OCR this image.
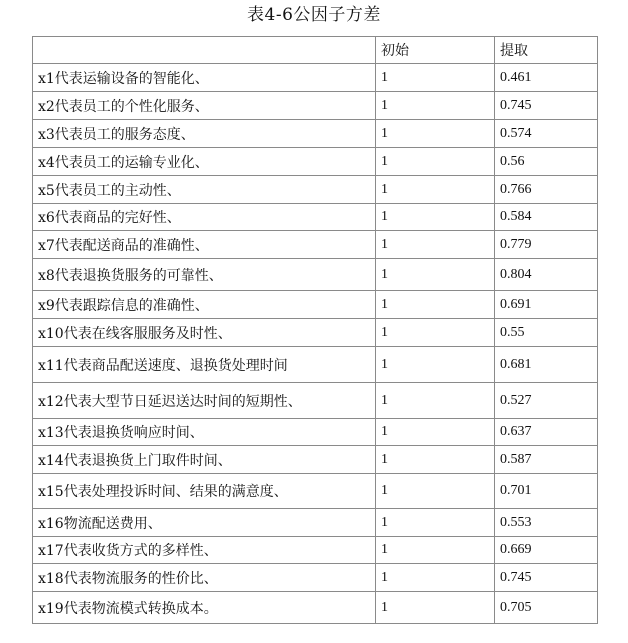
表4-6公因子方差
	初始	提取
x1代表运输设备的智能化、	1	0.461
x2代表员工的个性化服务、	1	0.745
x3代表员工的服务态度、	1	0.574
x4代表员工的运输专业化、	1	0.56
x5代表员工的主动性、	1	0.766
x6代表商品的完好性、	1	0.584
x7代表配送商品的准确性、	1	0.779
x8代表退换货服务的可靠性、	1	0.804
x9代表跟踪信息的准确性、	1	0.691
x10代表在线客服服务及时性、	1	0.55
x11代表商品配送速度、退换货处理时间	1	0.681
x12代表大型节日延迟送达时间的短期性、	1	0.527
x13代表退换货响应时间、	1	0.637
x14代表退换货上门取件时间、	1	0.587
x15代表处理投诉时间、结果的满意度、	1	0.701
x16物流配送费用、	1	0.553
x17代表收货方式的多样性、	1	0.669
x18代表物流服务的性价比、	1	0.745
x19代表物流模式转换成本。	1	0.705
